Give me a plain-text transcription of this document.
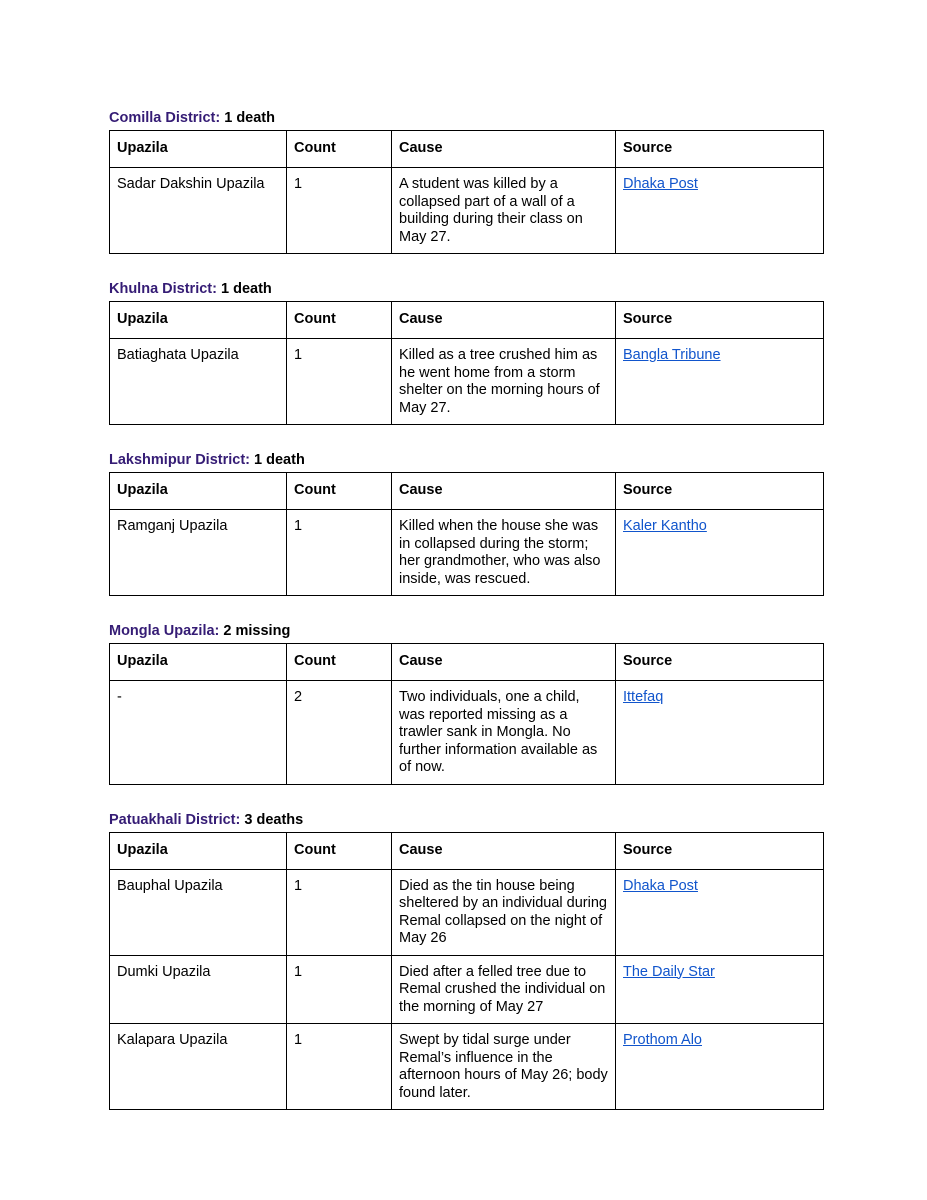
Comilla District: 1 death
Upazila	Count	Cause	Source
Sadar Dakshin Upazila	1	A student was killed by a collapsed part of a wall of a building during their class on May 27.	Dhaka Post
Khulna District: 1 death
Upazila	Count	Cause	Source
Batiaghata Upazila	1	Killed as a tree crushed him as he went home from a storm shelter on the morning hours of May 27.	Bangla Tribune
Lakshmipur District: 1 death
Upazila	Count	Cause	Source
Ramganj Upazila	1	Killed when the house she was in collapsed during the storm; her grandmother, who was also inside, was rescued.	Kaler Kantho
Mongla Upazila: 2 missing
Upazila	Count	Cause	Source
-	2	Two individuals, one a child, was reported missing as a trawler sank in Mongla. No further information available as of now.	Ittefaq
Patuakhali District: 3 deaths
Upazila	Count	Cause	Source
Bauphal Upazila	1	Died as the tin house being sheltered by an individual during Remal collapsed on the night of May 26	Dhaka Post
Dumki Upazila	1	Died after a felled tree due to Remal crushed the individual on the morning of May 27	The Daily Star
Kalapara Upazila	1	Swept by tidal surge under Remal’s influence in the afternoon hours of May 26; body found later.	Prothom Alo
